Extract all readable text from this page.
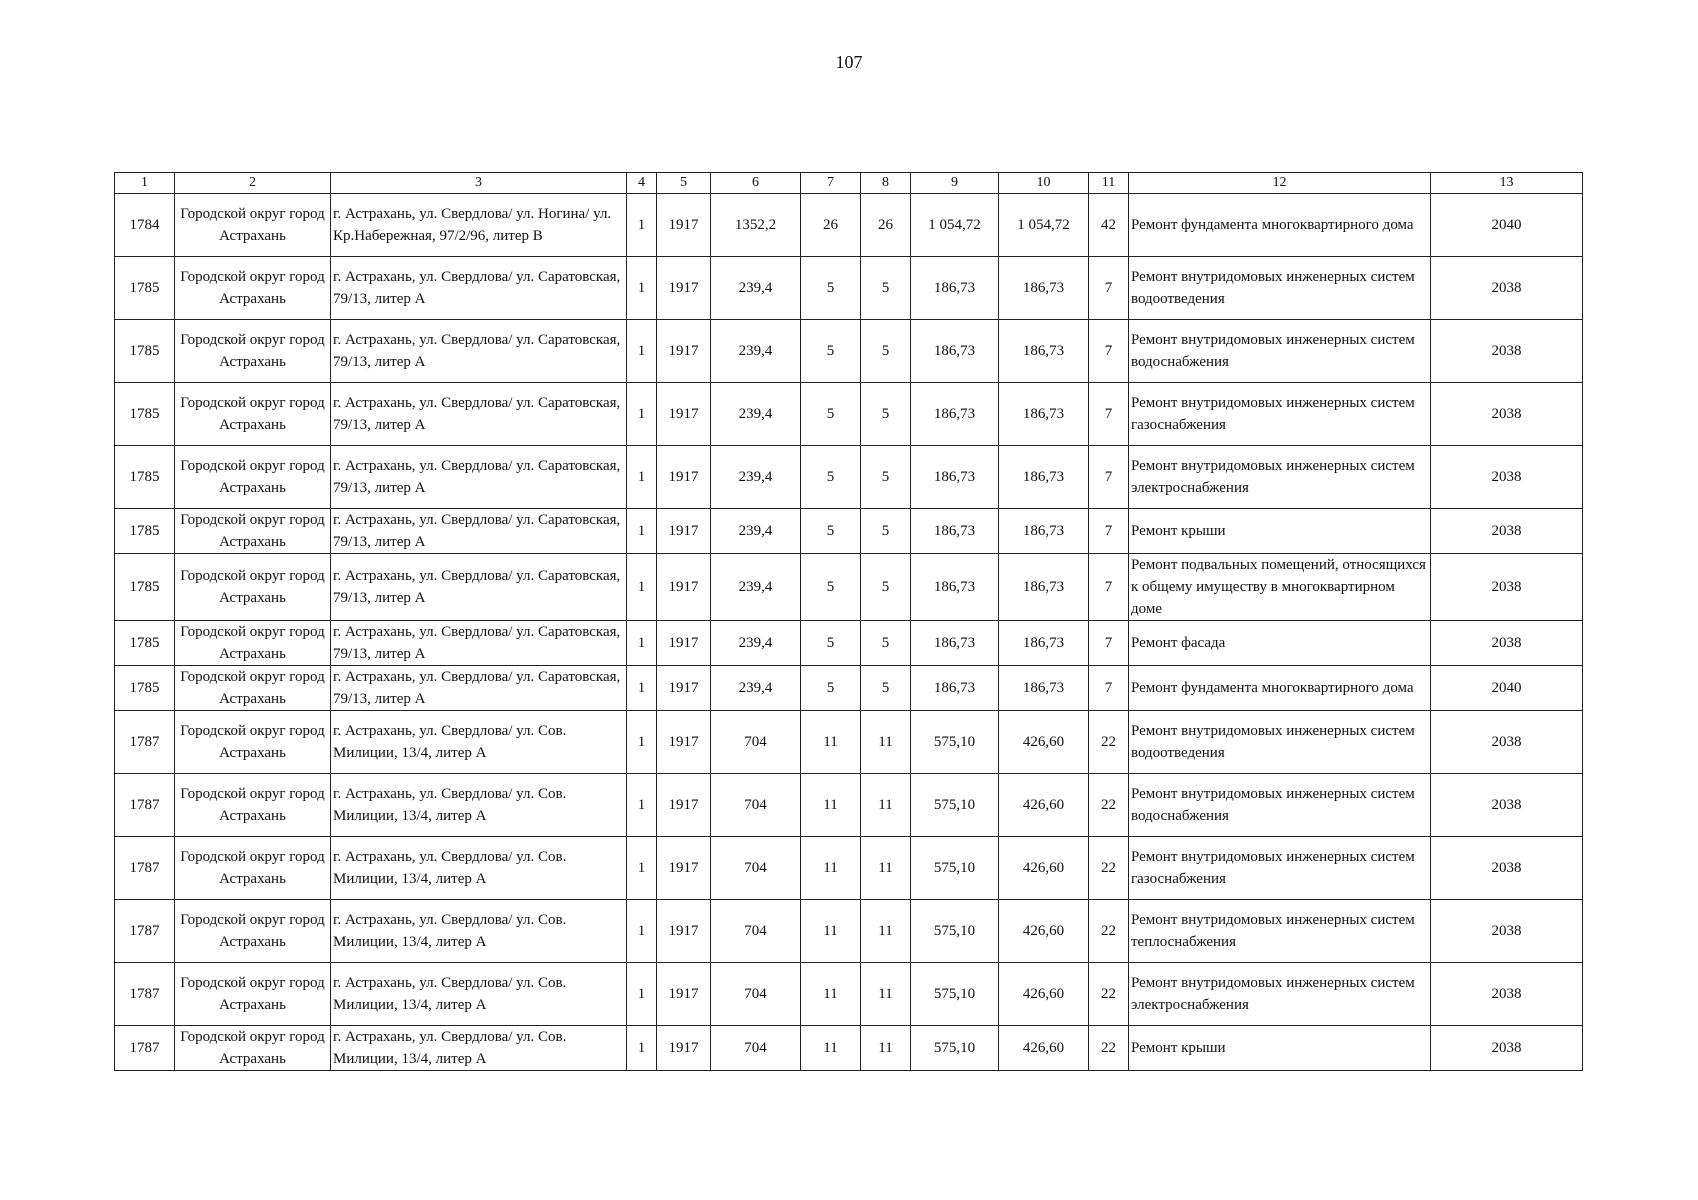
107
1	2	3	4	5	6	7	8	9	10	11	12	13
1784	Городской округ город Астрахань	г. Астрахань, ул. Свердлова/ ул. Ногина/ ул. Кр.Набережная, 97/2/96, литер В	1	1917	1352,2	26	26	1 054,72	1 054,72	42	Ремонт фундамента многоквартирного дома	2040
1785	Городской округ город Астрахань	г. Астрахань, ул. Свердлова/ ул. Саратовская, 79/13, литер А	1	1917	239,4	5	5	186,73	186,73	7	Ремонт внутридомовых инженерных систем водоотведения	2038
1785	Городской округ город Астрахань	г. Астрахань, ул. Свердлова/ ул. Саратовская, 79/13, литер А	1	1917	239,4	5	5	186,73	186,73	7	Ремонт внутридомовых инженерных систем водоснабжения	2038
1785	Городской округ город Астрахань	г. Астрахань, ул. Свердлова/ ул. Саратовская, 79/13, литер А	1	1917	239,4	5	5	186,73	186,73	7	Ремонт внутридомовых инженерных систем газоснабжения	2038
1785	Городской округ город Астрахань	г. Астрахань, ул. Свердлова/ ул. Саратовская, 79/13, литер А	1	1917	239,4	5	5	186,73	186,73	7	Ремонт внутридомовых инженерных систем электроснабжения	2038
1785	Городской округ город Астрахань	г. Астрахань, ул. Свердлова/ ул. Саратовская, 79/13, литер А	1	1917	239,4	5	5	186,73	186,73	7	Ремонт крыши	2038
1785	Городской округ город Астрахань	г. Астрахань, ул. Свердлова/ ул. Саратовская, 79/13, литер А	1	1917	239,4	5	5	186,73	186,73	7	Ремонт подвальных помещений, относящихся к общему имуществу в многоквартирном доме	2038
1785	Городской округ город Астрахань	г. Астрахань, ул. Свердлова/ ул. Саратовская, 79/13, литер А	1	1917	239,4	5	5	186,73	186,73	7	Ремонт фасада	2038
1785	Городской округ город Астрахань	г. Астрахань, ул. Свердлова/ ул. Саратовская, 79/13, литер А	1	1917	239,4	5	5	186,73	186,73	7	Ремонт фундамента многоквартирного дома	2040
1787	Городской округ город Астрахань	г. Астрахань, ул. Свердлова/ ул. Сов. Милиции, 13/4, литер А	1	1917	704	11	11	575,10	426,60	22	Ремонт внутридомовых инженерных систем водоотведения	2038
1787	Городской округ город Астрахань	г. Астрахань, ул. Свердлова/ ул. Сов. Милиции, 13/4, литер А	1	1917	704	11	11	575,10	426,60	22	Ремонт внутридомовых инженерных систем водоснабжения	2038
1787	Городской округ город Астрахань	г. Астрахань, ул. Свердлова/ ул. Сов. Милиции, 13/4, литер А	1	1917	704	11	11	575,10	426,60	22	Ремонт внутридомовых инженерных систем газоснабжения	2038
1787	Городской округ город Астрахань	г. Астрахань, ул. Свердлова/ ул. Сов. Милиции, 13/4, литер А	1	1917	704	11	11	575,10	426,60	22	Ремонт внутридомовых инженерных систем теплоснабжения	2038
1787	Городской округ город Астрахань	г. Астрахань, ул. Свердлова/ ул. Сов. Милиции, 13/4, литер А	1	1917	704	11	11	575,10	426,60	22	Ремонт внутридомовых инженерных систем электроснабжения	2038
1787	Городской округ город Астрахань	г. Астрахань, ул. Свердлова/ ул. Сов. Милиции, 13/4, литер А	1	1917	704	11	11	575,10	426,60	22	Ремонт крыши	2038
